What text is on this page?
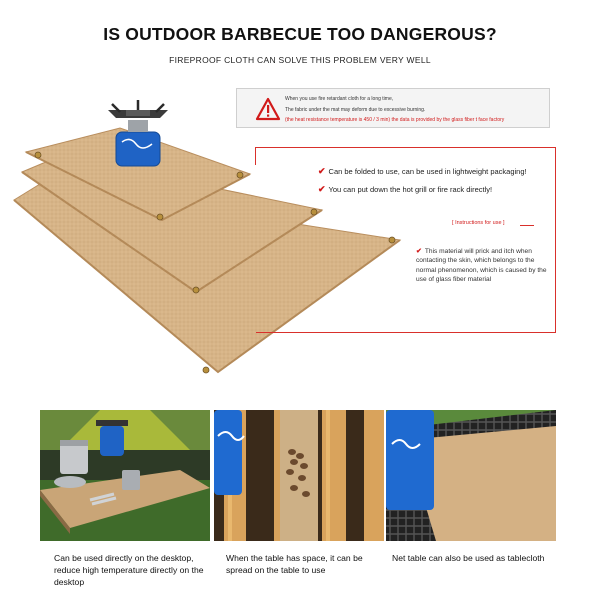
IS OUTDOOR BARBECUE TOO DANGEROUS?
FIREPROOF CLOTH CAN SOLVE THIS PROBLEM VERY WELL
When you use fire retardant cloth for a long time,
The fabric under the mat may deform due to excessive burning.
(the heat resistance temperature is 450 / 3 min) the data is provided by the glass fiber t face factory
✔ Can be folded to use, can be used in lightweight packaging!
✔ You can put down the hot grill or fire rack directly!
[ Instructions for use ]
✔ This material will prick and itch when contacting the skin, which belongs to the normal phenomenon, which is caused by the use of glass fiber material
Can be used directly on the desktop, reduce high temperature directly on the desktop
When the table has space, it can be spread on the table to use
Net table can also be used as tablecloth
